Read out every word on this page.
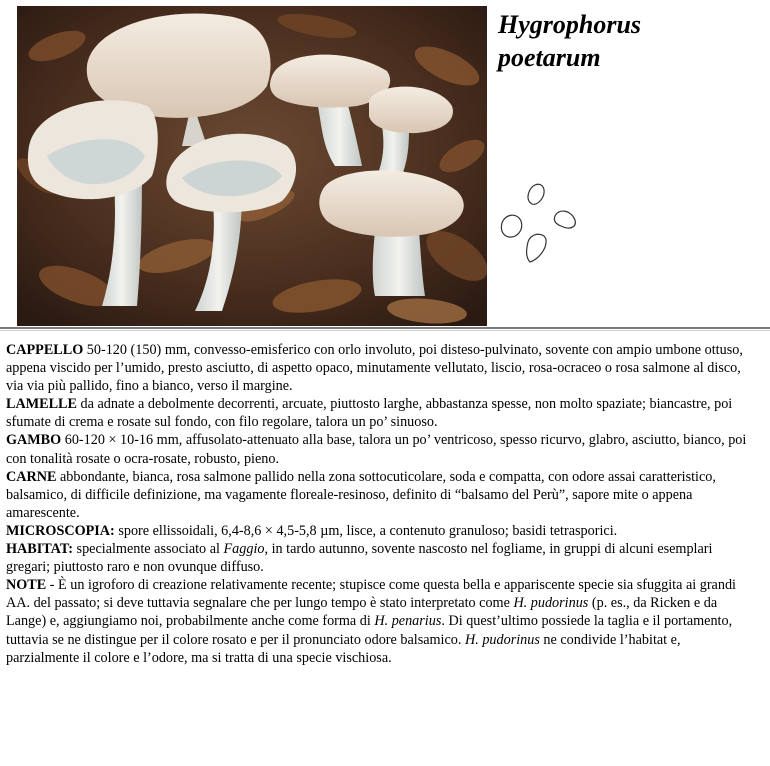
Hygrophorus
poetarum

CAPPELLO 50-120 (150) mm, convesso-emisferico con orlo involuto, poi disteso-pulvinato, sovente con ampio umbone ottuso, appena viscido per l’umido, presto asciutto, di aspetto opaco, minutamente vellutato, liscio, rosa-ocraceo o rosa salmone al disco, via via più pallido, fino a bianco, verso il margine.

LAMELLE da adnate a debolmente decorrenti, arcuate, piuttosto larghe, abbastanza spesse, non molto spaziate; biancastre, poi sfumate di crema e rosate sul fondo, con filo regolare, talora un po’ sinuoso.

GAMBO 60-120 × 10-16 mm, affusolato-attenuato alla base, talora un po’ ventricoso, spesso ricurvo, glabro, asciutto, bianco, poi con tonalità rosate o ocra-rosate, robusto, pieno.

CARNE abbondante, bianca, rosa salmone pallido nella zona sottocuticolare, soda e compatta, con odore assai caratteristico, balsamico, di difficile definizione, ma vagamente floreale-resinoso, definito di “balsamo del Perù”, sapore mite o appena amarescente.

MICROSCOPIA: spore ellissoidali, 6,4-8,6 × 4,5-5,8 µm, lisce, a contenuto granuloso; basidi tetrasporici.

HABITAT: specialmente associato al Faggio, in tardo autunno, sovente nascosto nel fogliame, in gruppi di alcuni esemplari gregari; piuttosto raro e non ovunque diffuso.

NOTE - È un igroforo di creazione relativamente recente; stupisce come questa bella e appariscente specie sia sfuggita ai grandi AA. del passato; si deve tuttavia segnalare che per lungo tempo è stato interpretato come H. pudorinus (p. es., da Ricken e da Lange) e, aggiungiamo noi, probabilmente anche come forma di H. penarius. Di quest’ultimo possiede la taglia e il portamento, tuttavia se ne distingue per il colore rosato e per il pronunciato odore balsamico. H. pudorinus ne condivide l’habitat e, parzialmente il colore e l’odore, ma si tratta di una specie vischiosa.
